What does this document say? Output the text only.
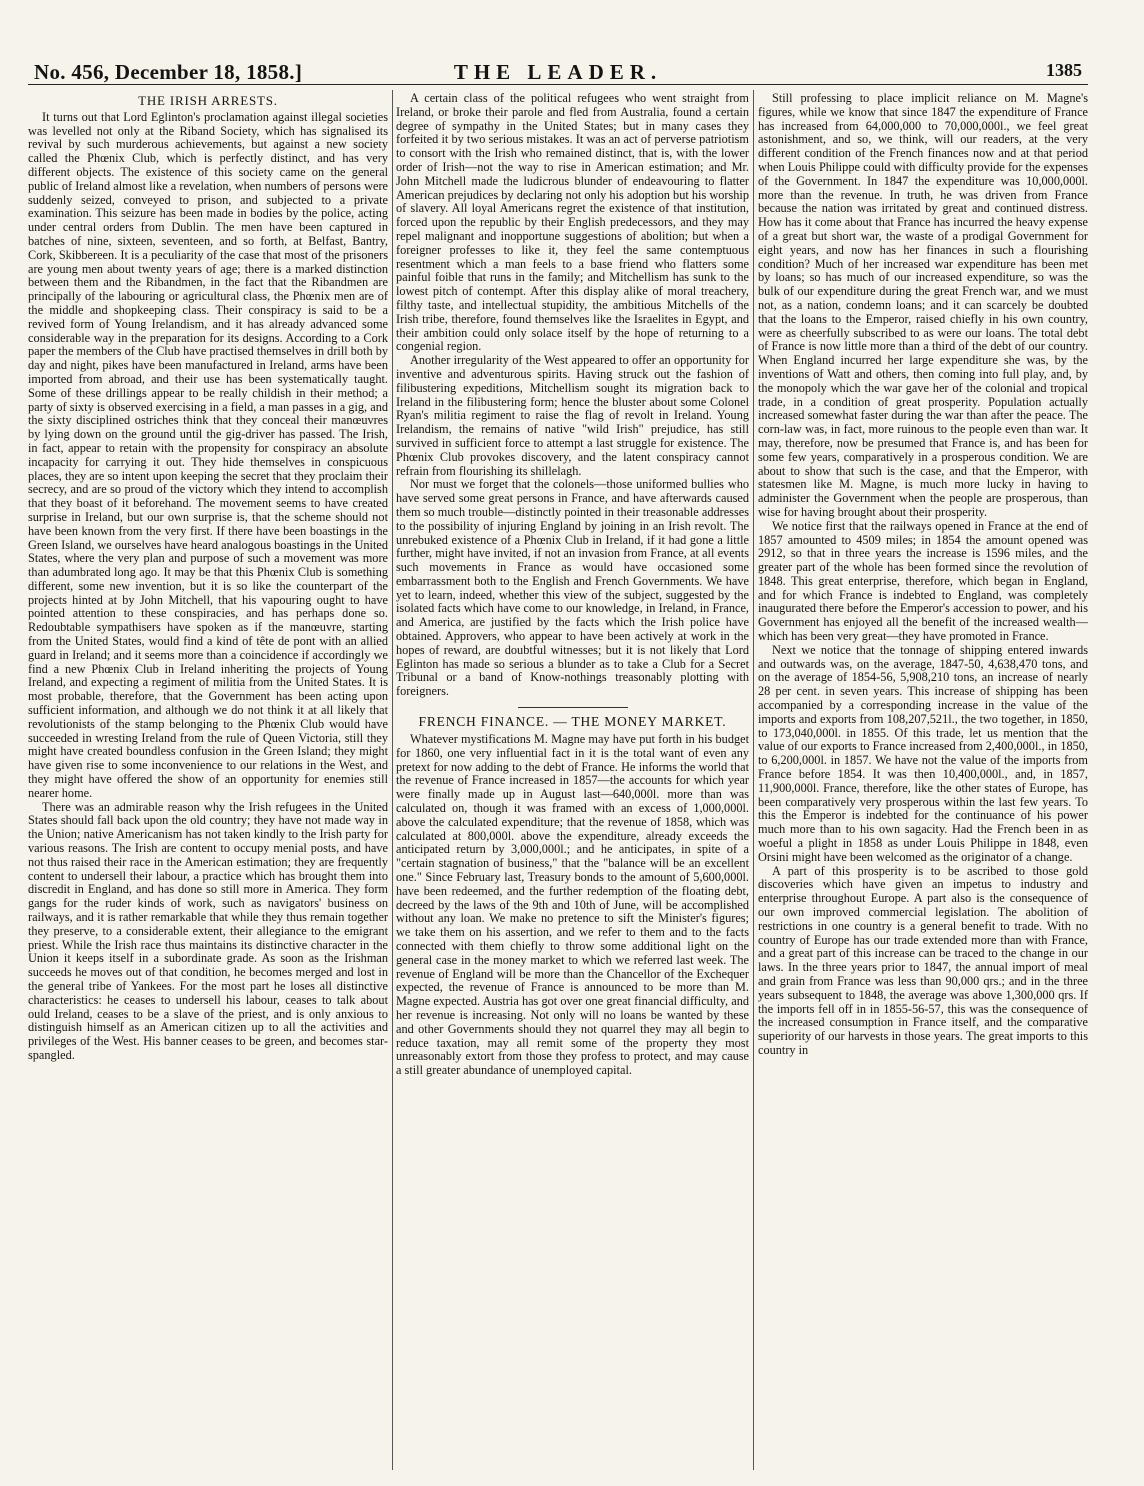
No. 456, December 18, 1858.]	THE LEADER.	1385
THE IRISH ARRESTS.

It turns out that Lord Eglinton's proclamation against illegal societies was levelled not only at the Riband Society, which has signalised its revival by such murderous achievements, but against a new society called the Phœnix Club, which is perfectly distinct, and has very different objects. The existence of this society came on the general public of Ireland almost like a revelation, when numbers of persons were suddenly seized, conveyed to prison, and subjected to a private examination. This seizure has been made in bodies by the police, acting under central orders from Dublin. The men have been captured in batches of nine, sixteen, seventeen, and so forth, at Belfast, Bantry, Cork, Skibbereen. It is a peculiarity of the case that most of the prisoners are young men about twenty years of age; there is a marked distinction between them and the Ribandmen, in the fact that the Ribandmen are principally of the labouring or agricultural class, the Phœnix men are of the middle and shopkeeping class. Their conspiracy is said to be a revived form of Young Irelandism, and it has already advanced some considerable way in the preparation for its designs. According to a Cork paper the members of the Club have practised themselves in drill both by day and night, pikes have been manufactured in Ireland, arms have been imported from abroad, and their use has been systematically taught. Some of these drillings appear to be really childish in their method; a party of sixty is observed exercising in a field, a man passes in a gig, and the sixty disciplined ostriches think that they conceal their manœuvres by lying down on the ground until the gig-driver has passed. The Irish, in fact, appear to retain with the propensity for conspiracy an absolute incapacity for carrying it out. They hide themselves in conspicuous places, they are so intent upon keeping the secret that they proclaim their secrecy, and are so proud of the victory which they intend to accomplish that they boast of it beforehand. The movement seems to have created surprise in Ireland, but our own surprise is, that the scheme should not have been known from the very first. If there have been boastings in the Green Island, we ourselves have heard analogous boastings in the United States, where the very plan and purpose of such a movement was more than adumbrated long ago. It may be that this Phœnix Club is something different, some new invention, but it is so like the counterpart of the projects hinted at by John Mitchell, that his vapouring ought to have pointed attention to these conspiracies, and has perhaps done so. Redoubtable sympathisers have spoken as if the manœuvre, starting from the United States, would find a kind of tête de pont with an allied guard in Ireland; and it seems more than a coincidence if accordingly we find a new Phœnix Club in Ireland inheriting the projects of Young Ireland, and expecting a regiment of militia from the United States. It is most probable, therefore, that the Government has been acting upon sufficient information, and although we do not think it at all likely that revolutionists of the stamp belonging to the Phœnix Club would have succeeded in wresting Ireland from the rule of Queen Victoria, still they might have created boundless confusion in the Green Island; they might have given rise to some inconvenience to our relations in the West, and they might have offered the show of an opportunity for enemies still nearer home.

There was an admirable reason why the Irish refugees in the United States should fall back upon the old country; they have not made way in the Union; native Americanism has not taken kindly to the Irish party for various reasons. The Irish are content to occupy menial posts, and have not thus raised their race in the American estimation; they are frequently content to undersell their labour, a practice which has brought them into discredit in England, and has done so still more in America. They form gangs for the ruder kinds of work, such as navigators' business on railways, and it is rather remarkable that while they thus remain together they preserve, to a considerable extent, their allegiance to the emigrant priest. While the Irish race thus maintains its distinctive character in the Union it keeps itself in a subordinate grade. As soon as the Irishman succeeds he moves out of that condition, he becomes merged and lost in the general tribe of Yankees. For the most part he loses all distinctive characteristics: he ceases to undersell his labour, ceases to talk about ould Ireland, ceases to be a slave of the priest, and is only anxious to distinguish himself as an American citizen up to all the activities and privileges of the West. His banner ceases to be green, and becomes star-spangled.

A certain class of the political refugees who went straight from Ireland, or broke their parole and fled from Australia, found a certain degree of sympathy in the United States; but in many cases they forfeited it by two serious mistakes. It was an act of perverse patriotism to consort with the Irish who remained distinct, that is, with the lower order of Irish—not the way to rise in American estimation; and Mr. John Mitchell made the ludicrous blunder of endeavouring to flatter American prejudices by declaring not only his adoption but his worship of slavery. All loyal Americans regret the existence of that institution, forced upon the republic by their English predecessors, and they may repel malignant and inopportune suggestions of abolition; but when a foreigner professes to like it, they feel the same contemptuous resentment which a man feels to a base friend who flatters some painful foible that runs in the family; and Mitchellism has sunk to the lowest pitch of contempt. After this display alike of moral treachery, filthy taste, and intellectual stupidity, the ambitious Mitchells of the Irish tribe, therefore, found themselves like the Israelites in Egypt, and their ambition could only solace itself by the hope of returning to a congenial region.

Another irregularity of the West appeared to offer an opportunity for inventive and adventurous spirits. Having struck out the fashion of filibustering expeditions, Mitchellism sought its migration back to Ireland in the filibustering form; hence the bluster about some Colonel Ryan's militia regiment to raise the flag of revolt in Ireland. Young Irelandism, the remains of native "wild Irish" prejudice, has still survived in sufficient force to attempt a last struggle for existence. The Phœnix Club provokes discovery, and the latent conspiracy cannot refrain from flourishing its shillelagh.

Nor must we forget that the colonels—those uniformed bullies who have served some great persons in France, and have afterwards caused them so much trouble—distinctly pointed in their treasonable addresses to the possibility of injuring England by joining in an Irish revolt. The unrebuked existence of a Phœnix Club in Ireland, if it had gone a little further, might have invited, if not an invasion from France, at all events such movements in France as would have occasioned some embarrassment both to the English and French Governments. We have yet to learn, indeed, whether this view of the subject, suggested by the isolated facts which have come to our knowledge, in Ireland, in France, and America, are justified by the facts which the Irish police have obtained. Approvers, who appear to have been actively at work in the hopes of reward, are doubtful witnesses; but it is not likely that Lord Eglinton has made so serious a blunder as to take a Club for a Secret Tribunal or a band of Know-nothings treasonably plotting with foreigners.

FRENCH FINANCE. — THE MONEY MARKET.

Whatever mystifications M. Magne may have put forth in his budget for 1860, one very influential fact in it is the total want of even any pretext for now adding to the debt of France. He informs the world that the revenue of France increased in 1857—the accounts for which year were finally made up in August last—640,000l. more than was calculated on, though it was framed with an excess of 1,000,000l. above the calculated expenditure; that the revenue of 1858, which was calculated at 800,000l. above the expenditure, already exceeds the anticipated return by 3,000,000l.; and he anticipates, in spite of a "certain stagnation of business," that the "balance will be an excellent one." Since February last, Treasury bonds to the amount of 5,600,000l. have been redeemed, and the further redemption of the floating debt, decreed by the laws of the 9th and 10th of June, will be accomplished without any loan. We make no pretence to sift the Minister's figures; we take them on his assertion, and we refer to them and to the facts connected with them chiefly to throw some additional light on the general case in the money market to which we referred last week. The revenue of England will be more than the Chancellor of the Exchequer expected, the revenue of France is announced to be more than M. Magne expected. Austria has got over one great financial difficulty, and her revenue is increasing. Not only will no loans be wanted by these and other Governments should they not quarrel they may all begin to reduce taxation, may all remit some of the property they most unreasonably extort from those they profess to protect, and may cause a still greater abundance of unemployed capital.

Still professing to place implicit reliance on M. Magne's figures, while we know that since 1847 the expenditure of France has increased from 64,000,000 to 70,000,000l., we feel great astonishment, and so, we think, will our readers, at the very different condition of the French finances now and at that period when Louis Philippe could with difficulty provide for the expenses of the Government. In 1847 the expenditure was 10,000,000l. more than the revenue. In truth, he was driven from France because the nation was irritated by great and continued distress. How has it come about that France has incurred the heavy expense of a great but short war, the waste of a prodigal Government for eight years, and now has her finances in such a flourishing condition? Much of her increased war expenditure has been met by loans; so has much of our increased expenditure, so was the bulk of our expenditure during the great French war, and we must not, as a nation, condemn loans; and it can scarcely be doubted that the loans to the Emperor, raised chiefly in his own country, were as cheerfully subscribed to as were our loans. The total debt of France is now little more than a third of the debt of our country. When England incurred her large expenditure she was, by the inventions of Watt and others, then coming into full play, and, by the monopoly which the war gave her of the colonial and tropical trade, in a condition of great prosperity. Population actually increased somewhat faster during the war than after the peace. The corn-law was, in fact, more ruinous to the people even than war. It may, therefore, now be presumed that France is, and has been for some few years, comparatively in a prosperous condition. We are about to show that such is the case, and that the Emperor, with statesmen like M. Magne, is much more lucky in having to administer the Government when the people are prosperous, than wise for having brought about their prosperity.

We notice first that the railways opened in France at the end of 1857 amounted to 4509 miles; in 1854 the amount opened was 2912, so that in three years the increase is 1596 miles, and the greater part of the whole has been formed since the revolution of 1848. This great enterprise, therefore, which began in England, and for which France is indebted to England, was completely inaugurated there before the Emperor's accession to power, and his Government has enjoyed all the benefit of the increased wealth—which has been very great—they have promoted in France.

Next we notice that the tonnage of shipping entered inwards and outwards was, on the average, 1847-50, 4,638,470 tons, and on the average of 1854-56, 5,908,210 tons, an increase of nearly 28 per cent. in seven years. This increase of shipping has been accompanied by a corresponding increase in the value of the imports and exports from 108,207,521l., the two together, in 1850, to 173,040,000l. in 1855. Of this trade, let us mention that the value of our exports to France increased from 2,400,000l., in 1850, to 6,200,000l. in 1857. We have not the value of the imports from France before 1854. It was then 10,400,000l., and, in 1857, 11,900,000l. France, therefore, like the other states of Europe, has been comparatively very prosperous within the last few years. To this the Emperor is indebted for the continuance of his power much more than to his own sagacity. Had the French been in as woeful a plight in 1858 as under Louis Philippe in 1848, even Orsini might have been welcomed as the originator of a change.

A part of this prosperity is to be ascribed to those gold discoveries which have given an impetus to industry and enterprise throughout Europe. A part also is the consequence of our own improved commercial legislation. The abolition of restrictions in one country is a general benefit to trade. With no country of Europe has our trade extended more than with France, and a great part of this increase can be traced to the change in our laws. In the three years prior to 1847, the annual import of meal and grain from France was less than 90,000 qrs.; and in the three years subsequent to 1848, the average was above 1,300,000 qrs. If the imports fell off in in 1855-56-57, this was the consequence of the increased consumption in France itself, and the comparative superiority of our harvests in those years. The great imports to this country in
